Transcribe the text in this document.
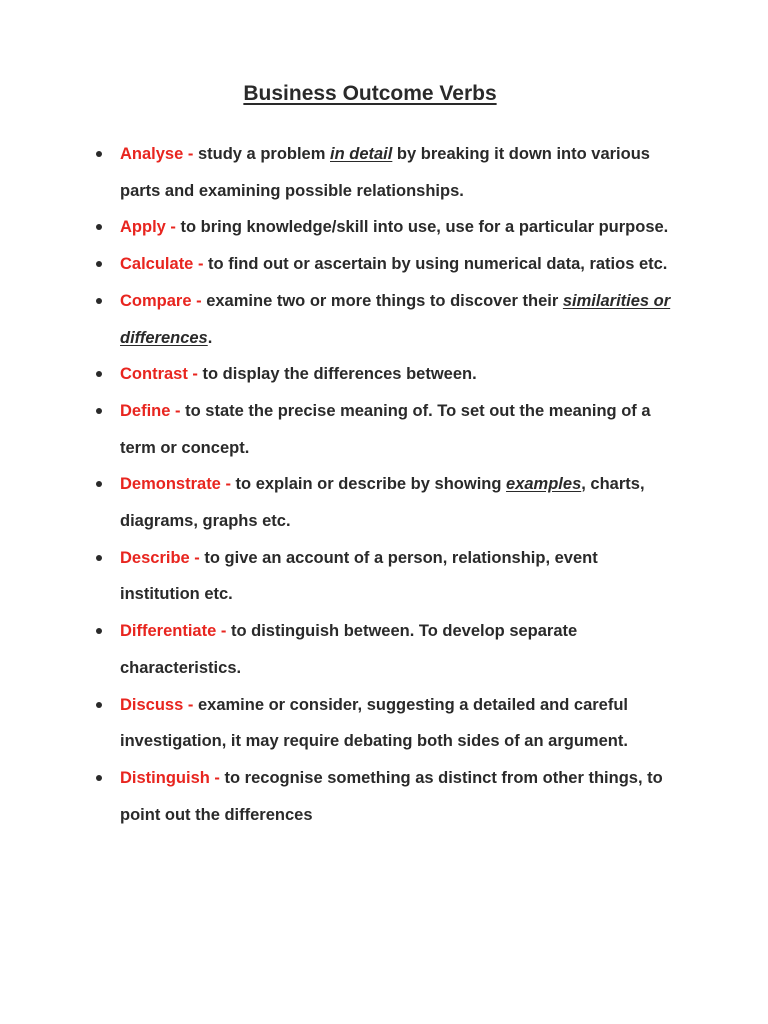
Business Outcome Verbs
Analyse - study a problem in detail by breaking it down into various parts and examining possible relationships.
Apply - to bring knowledge/skill into use, use for a particular purpose.
Calculate - to find out or ascertain by using numerical data, ratios etc.
Compare - examine two or more things to discover their similarities or differences.
Contrast - to display the differences between.
Define - to state the precise meaning of. To set out the meaning of a term or concept.
Demonstrate - to explain or describe by showing examples, charts, diagrams, graphs etc.
Describe - to give an account of a person, relationship, event institution etc.
Differentiate - to distinguish between. To develop separate characteristics.
Discuss - examine or consider, suggesting a detailed and careful investigation, it may require debating both sides of an argument.
Distinguish - to recognise something as distinct from other things, to point out the differences
